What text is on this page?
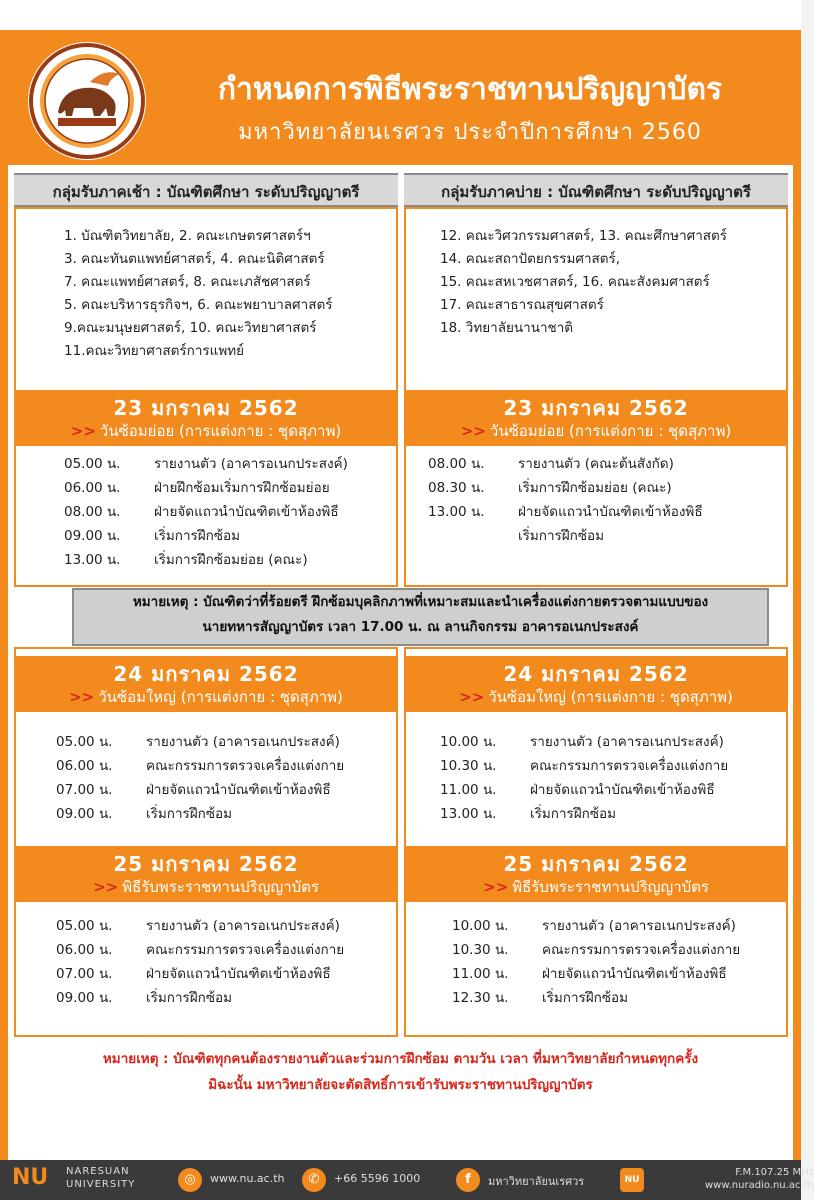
กำหนดการพิธีพระราชทานปริญญาบัตร
มหาวิทยาลัยนเรศวร ประจำปีการศึกษา 2560
กลุ่มรับภาคเช้า : บัณฑิตศึกษา ระดับปริญญาตรี	กลุ่มรับภาคบ่าย : บัณฑิตศึกษา ระดับปริญญาตรี
1. บัณฑิตวิทยาลัย, 2. คณะเกษตรศาสตร์ฯ
3. คณะทันตแพทย์ศาสตร์, 4. คณะนิติศาสตร์
7. คณะแพทย์ศาสตร์, 8. คณะเภสัชศาสตร์
5. คณะบริหารธุรกิจฯ, 6. คณะพยาบาลศาสตร์
9.คณะมนุษยศาสตร์, 10. คณะวิทยาศาสตร์
11.คณะวิทยาศาสตร์การแพทย์
12. คณะวิศวกรรมศาสตร์, 13. คณะศึกษาศาสตร์
14. คณะสถาปัตยกรรมศาสตร์,
15. คณะสหเวชศาสตร์, 16. คณะสังคมศาสตร์
17. คณะสาธารณสุขศาสตร์
18. วิทยาลัยนานาชาติ
23 มกราคม 2562
>> วันซ้อมย่อย (การแต่งกาย : ชุดสุภาพ)
23 มกราคม 2562
>> วันซ้อมย่อย (การแต่งกาย : ชุดสุภาพ)
05.00 น. รายงานตัว (อาคารอเนกประสงค์)
06.00 น. ฝ่ายฝึกซ้อมเริ่มการฝึกซ้อมย่อย
08.00 น. ฝ่ายจัดแถวนำบัณฑิตเข้าห้องพิธี
09.00 น. เริ่มการฝึกซ้อม
13.00 น. เริ่มการฝึกซ้อมย่อย (คณะ)
08.00 น. รายงานตัว (คณะต้นสังกัด)
08.30 น. เริ่มการฝึกซ้อมย่อย (คณะ)
13.00 น. ฝ่ายจัดแถวนำบัณฑิตเข้าห้องพิธี
เริ่มการฝึกซ้อม
หมายเหตุ : บัณฑิตว่าที่ร้อยตรี ฝึกซ้อมบุคลิกภาพที่เหมาะสมและนำเครื่องแต่งกายตรวจตามแบบของ
นายทหารสัญญาบัตร เวลา 17.00 น. ณ ลานกิจกรรม อาคารอเนกประสงค์
24 มกราคม 2562
>> วันซ้อมใหญ่ (การแต่งกาย : ชุดสุภาพ)
24 มกราคม 2562
>> วันซ้อมใหญ่ (การแต่งกาย : ชุดสุภาพ)
05.00 น. รายงานตัว (อาคารอเนกประสงค์)
06.00 น. คณะกรรมการตรวจเครื่องแต่งกาย
07.00 น. ฝ่ายจัดแถวนำบัณฑิตเข้าห้องพิธี
09.00 น. เริ่มการฝึกซ้อม
10.00 น. รายงานตัว (อาคารอเนกประสงค์)
10.30 น. คณะกรรมการตรวจเครื่องแต่งกาย
11.00 น. ฝ่ายจัดแถวนำบัณฑิตเข้าห้องพิธี
13.00 น. เริ่มการฝึกซ้อม
25 มกราคม 2562
>> พิธีรับพระราชทานปริญญาบัตร
25 มกราคม 2562
>> พิธีรับพระราชทานปริญญาบัตร
05.00 น. รายงานตัว (อาคารอเนกประสงค์)
06.00 น. คณะกรรมการตรวจเครื่องแต่งกาย
07.00 น. ฝ่ายจัดแถวนำบัณฑิตเข้าห้องพิธี
09.00 น. เริ่มการฝึกซ้อม
10.00 น. รายงานตัว (อาคารอเนกประสงค์)
10.30 น. คณะกรรมการตรวจเครื่องแต่งกาย
11.00 น. ฝ่ายจัดแถวนำบัณฑิตเข้าห้องพิธี
12.30 น. เริ่มการฝึกซ้อม
หมายเหตุ : บัณฑิตทุกคนต้องรายงานตัวและร่วมการฝึกซ้อม ตามวัน เวลา ที่มหาวิทยาลัยกำหนดทุกครั้ง
มิฉะนั้น มหาวิทยาลัยจะตัดสิทธิ์การเข้ารับพระราชทานปริญญาบัตร
NU NARESUAN
UNIVERSITY	◎	www.nu.ac.th	✆	+66 5596 1000	f	มหาวิทยาลัยนเรศวร	NU
F.M.107.25 MHz
www.nuradio.nu.ac.th
